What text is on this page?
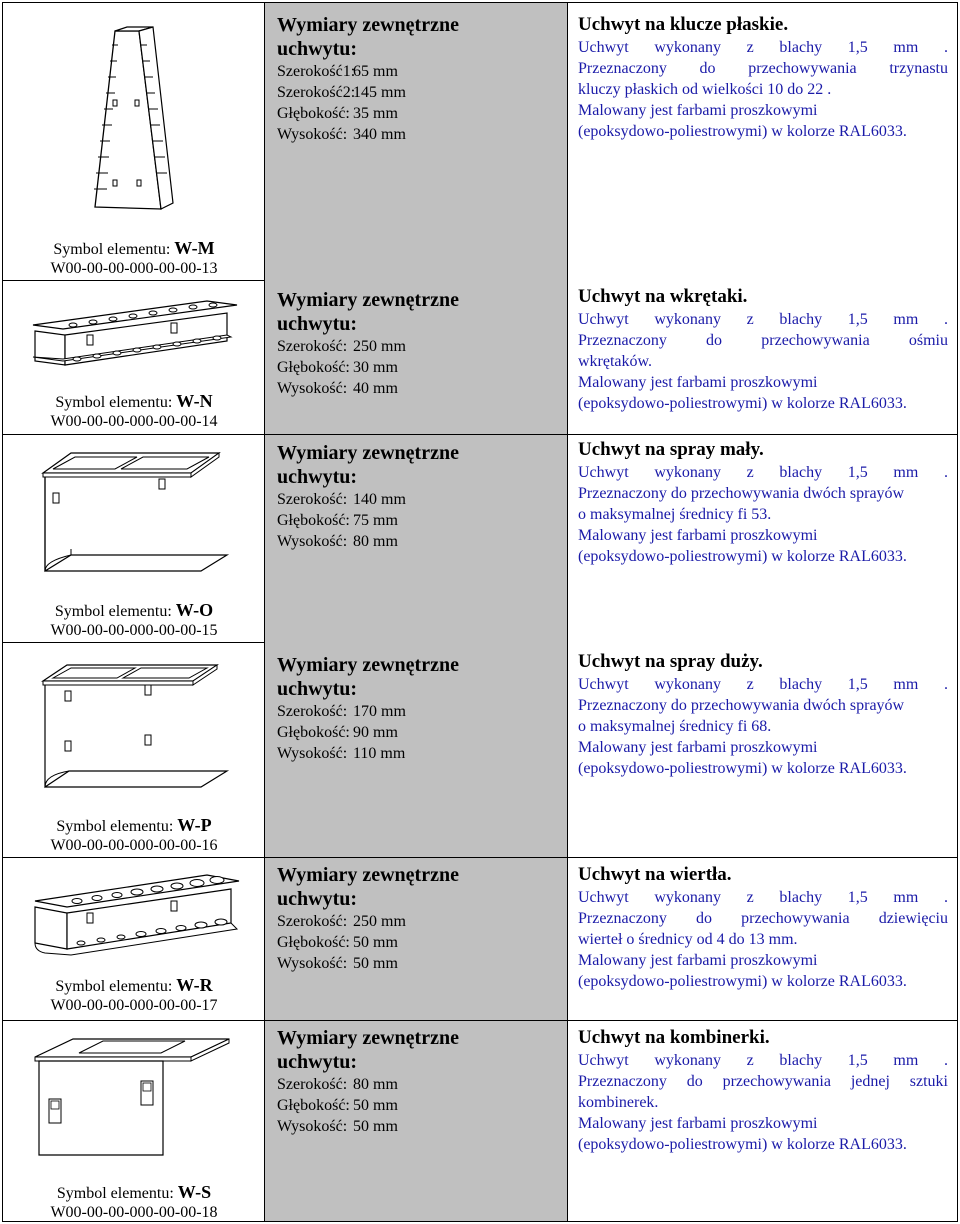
Symbol elementu: W-M
W00-00-00-000-00-00-13
Wymiary zewnętrzne
uchwytu:
Szerokość1:65 mm
Szerokość2:145 mm
Głębokość: 35 mm
Wysokość: 340 mm
Uchwyt na klucze płaskie.
Uchwyt wykonany z blachy 1,5 mm .
Przeznaczony do przechowywania trzynastu
kluczy płaskich od wielkości 10 do 22 .
Malowany jest farbami proszkowymi
(epoksydowo-poliestrowymi) w kolorze RAL6033.
Symbol elementu: W-N
W00-00-00-000-00-00-14
Wymiary zewnętrzne
uchwytu:
Szerokość: 250 mm
Głębokość: 30 mm
Wysokość: 40 mm
Uchwyt na wkrętaki.
Uchwyt wykonany z blachy 1,5 mm .
Przeznaczony do przechowywania ośmiu
wkrętaków.
Malowany jest farbami proszkowymi
(epoksydowo-poliestrowymi) w kolorze RAL6033.
Symbol elementu: W-O
W00-00-00-000-00-00-15
Wymiary zewnętrzne
uchwytu:
Szerokość: 140 mm
Głębokość: 75 mm
Wysokość: 80 mm
Uchwyt na spray mały.
Uchwyt wykonany z blachy 1,5 mm .
Przeznaczony do przechowywania dwóch sprayów
o maksymalnej średnicy fi 53.
Malowany jest farbami proszkowymi
(epoksydowo-poliestrowymi) w kolorze RAL6033.
Symbol elementu: W-P
W00-00-00-000-00-00-16
Wymiary zewnętrzne
uchwytu:
Szerokość: 170 mm
Głębokość: 90 mm
Wysokość: 110 mm
Uchwyt na spray duży.
Uchwyt wykonany z blachy 1,5 mm .
Przeznaczony do przechowywania dwóch sprayów
o maksymalnej średnicy fi 68.
Malowany jest farbami proszkowymi
(epoksydowo-poliestrowymi) w kolorze RAL6033.
Symbol elementu: W-R
W00-00-00-000-00-00-17
Wymiary zewnętrzne
uchwytu:
Szerokość: 250 mm
Głębokość: 50 mm
Wysokość: 50 mm
Uchwyt na wiertła.
Uchwyt wykonany z blachy 1,5 mm .
Przeznaczony do przechowywania dziewięciu
wierteł o średnicy od 4 do 13 mm.
Malowany jest farbami proszkowymi
(epoksydowo-poliestrowymi) w kolorze RAL6033.
Symbol elementu: W-S
W00-00-00-000-00-00-18
Wymiary zewnętrzne
uchwytu:
Szerokość: 80 mm
Głębokość: 50 mm
Wysokość: 50 mm
Uchwyt na kombinerki.
Uchwyt wykonany z blachy 1,5 mm .
Przeznaczony do przechowywania jednej sztuki
kombinerek.
Malowany jest farbami proszkowymi
(epoksydowo-poliestrowymi) w kolorze RAL6033.
